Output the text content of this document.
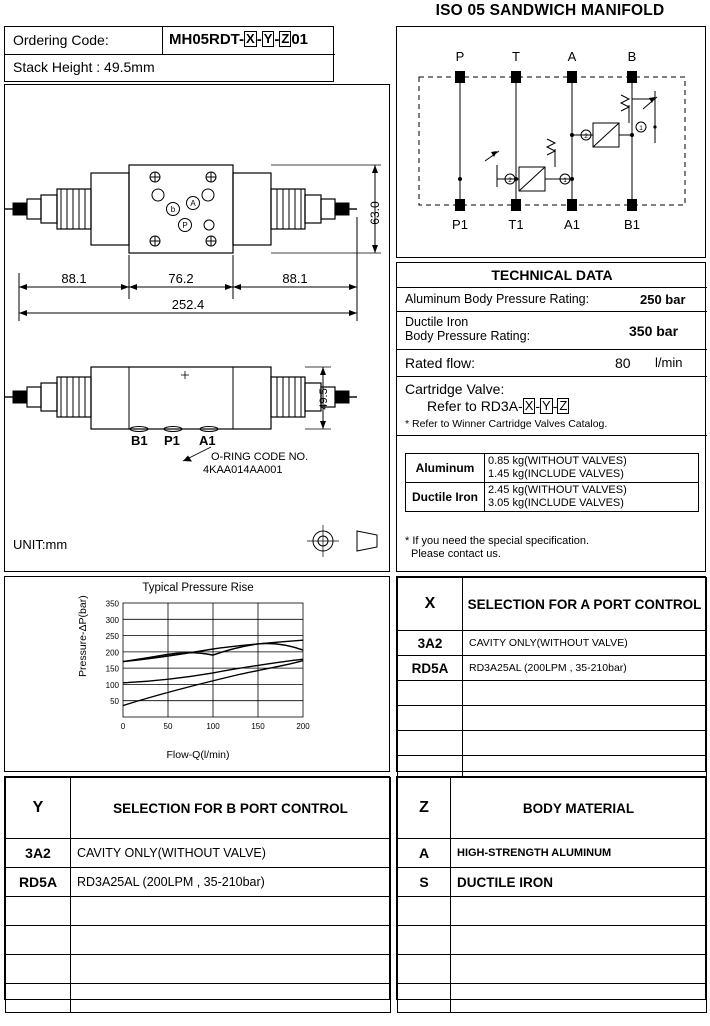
ISO 05 SANDWICH MANIFOLD
Ordering Code:	MH05RDT- X - Y - Z 01
Stack Height : 49.5mm
88.1	76.2	88.1
252.4
63.0
49.5
B1 P1 A1
b
A
P
O-RING CODE NO.
4KAA014AA001
UNIT:mm
P	T	A	B
P1	T1	A1	B1
2
1
2	1
TECHNICAL DATA
Aluminum Body Pressure Rating:	250 bar
Ductile Iron
Body Pressure Rating:	350 bar
Rated flow:	80 l/min
Cartridge Valve:
Refer to RD3A- X - Y - Z
* Refer to Winner Cartridge Valves Catalog.
Aluminum	0.85 kg(WITHOUT VALVES)
1.45 kg(INCLUDE VALVES)

Ductile Iron	2.45 kg(WITHOUT VALVES)
3.05 kg(INCLUDE VALVES)
* If you need the special specification.
Please contact us.
Typical Pressure Rise
Pressure-ΔP(bar)
Flow-Q(l/min)
350
300
250
200
150
100
50
0	50	100	150	200
X	SELECTION FOR A PORT CONTROL
3A2	CAVITY ONLY(WITHOUT VALVE)
RD5A	RD3A25AL (200LPM , 35-210bar)

Y	SELECTION FOR B PORT CONTROL
3A2	CAVITY ONLY(WITHOUT VALVE)
RD5A	RD3A25AL (200LPM , 35-210bar)

Z	BODY MATERIAL
A	HIGH-STRENGTH ALUMINUM
S	DUCTILE IRON
